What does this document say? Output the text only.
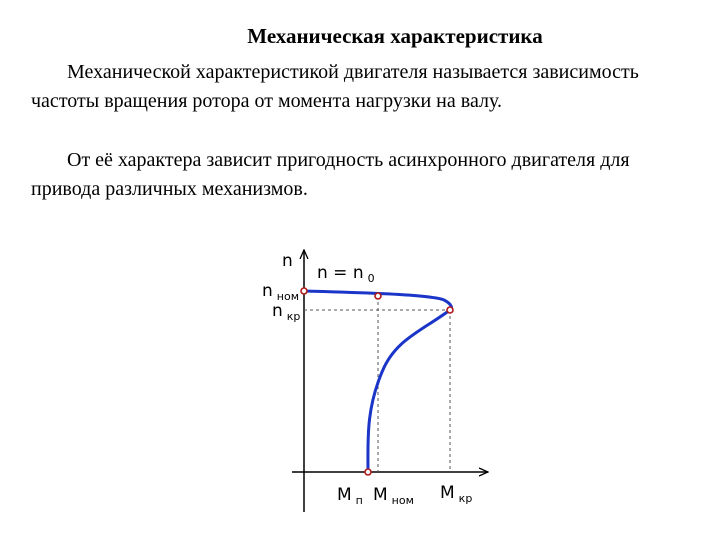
Механическая характеристика

Механической характеристикой двигателя называется зависимость частоты вращения ротора от момента нагрузки на валу.

От её характера зависит пригодность асинхронного двигателя для привода различных механизмов.

n
n = n $_0$
n $_{ном}$
n $_{кр}$
M $_п$ M $_{ном}$ M $_{кр}$
